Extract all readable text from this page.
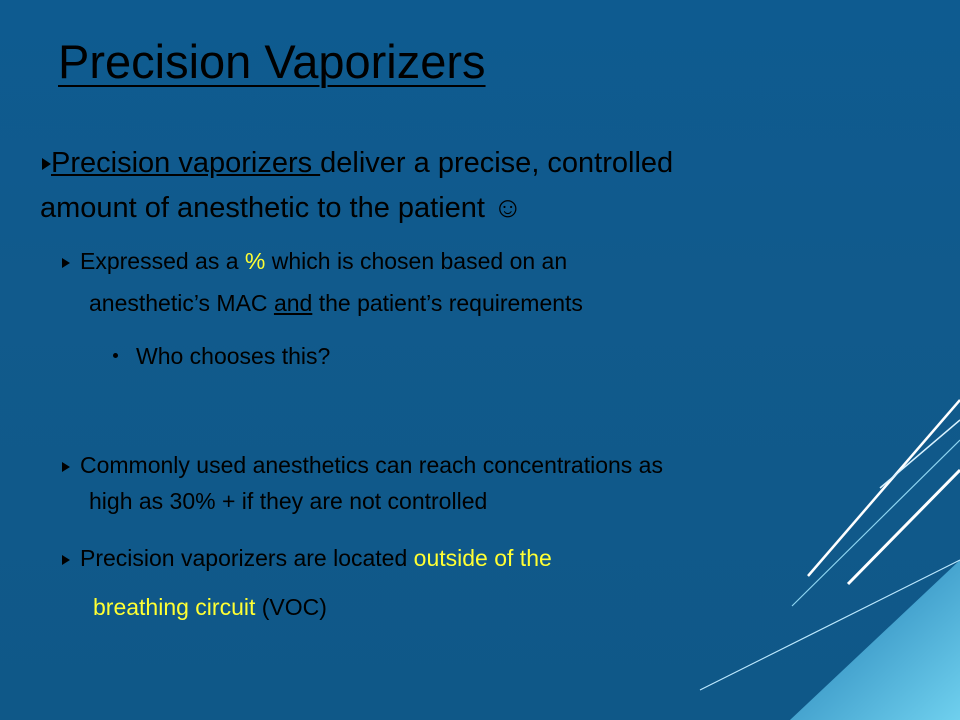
Precision Vaporizers
Precision vaporizers deliver a precise, controlled
amount of anesthetic to the patient ☺
Expressed as a % which is chosen based on an
anesthetic’s MAC and the patient’s requirements
Who chooses this?
Commonly used anesthetics can reach concentrations as
high as 30% + if they are not controlled
Precision vaporizers are located outside of the
breathing circuit (VOC)
